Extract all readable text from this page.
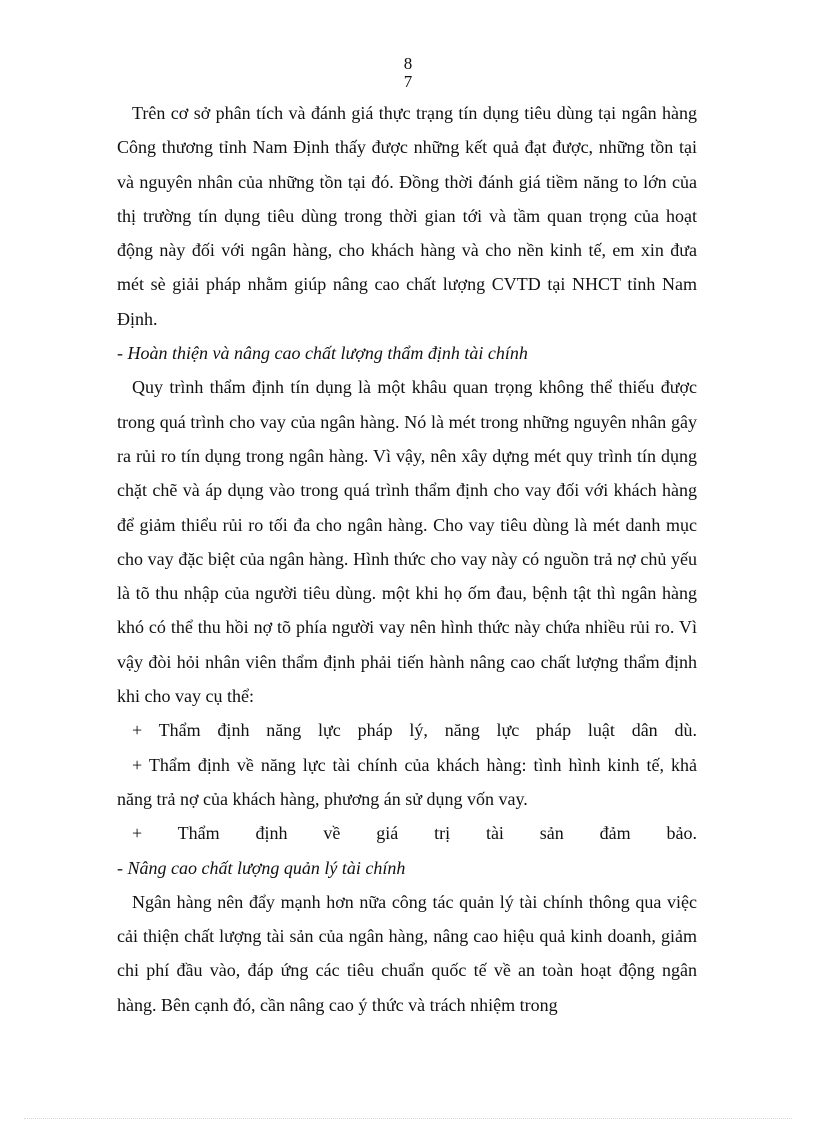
8
7

Trên cơ sở phân tích và đánh giá thực trạng tín dụng tiêu dùng tại ngân hàng Công thương tỉnh Nam Định thấy được những kết quả đạt được, những tồn tại và nguyên nhân của những tồn tại đó. Đồng thời đánh giá tiềm năng to lớn của thị trường tín dụng tiêu dùng trong thời gian tới và tầm quan trọng của hoạt động này đối với ngân hàng, cho khách hàng và cho nền kinh tế, em xin đưa mét sè giải pháp nhằm giúp nâng cao chất lượng CVTD tại NHCT tỉnh Nam Định.

- Hoàn thiện và nâng cao chất lượng thẩm định tài chính

Quy trình thẩm định tín dụng là một khâu quan trọng không thể thiếu được trong quá trình cho vay của ngân hàng. Nó là mét trong những nguyên nhân gây ra rủi ro tín dụng trong ngân hàng. Vì vậy, nên xây dựng mét quy trình tín dụng chặt chẽ và áp dụng vào trong quá trình thẩm định cho vay đối với khách hàng để giảm thiểu rủi ro tối đa cho ngân hàng. Cho vay tiêu dùng là mét danh mục cho vay đặc biệt của ngân hàng. Hình thức cho vay này có nguồn trả nợ chủ yếu là tõ thu nhập của người tiêu dùng. một khi họ ốm đau, bệnh tật thì ngân hàng khó có thể thu hồi nợ tõ phía người vay nên hình thức này chứa nhiều rủi ro. Vì vậy đòi hỏi nhân viên thẩm định phải tiến hành nâng cao chất lượng thẩm định khi cho vay cụ thể:

+ Thẩm định năng lực pháp lý, năng lực pháp luật dân dù.

+ Thẩm định về năng lực tài chính của khách hàng: tình hình kinh tế, khả năng trả nợ của khách hàng, phương án sử dụng vốn vay.

+ Thẩm định về giá trị tài sản đảm bảo.

- Nâng cao chất lượng quản lý tài chính

Ngân hàng nên đẩy mạnh hơn nữa công tác quản lý tài chính thông qua việc cải thiện chất lượng tài sản của ngân hàng, nâng cao hiệu quả kinh doanh, giảm chi phí đầu vào, đáp ứng các tiêu chuẩn quốc tế về an toàn hoạt động ngân hàng. Bên cạnh đó, cần nâng cao ý thức và trách nhiệm trong
